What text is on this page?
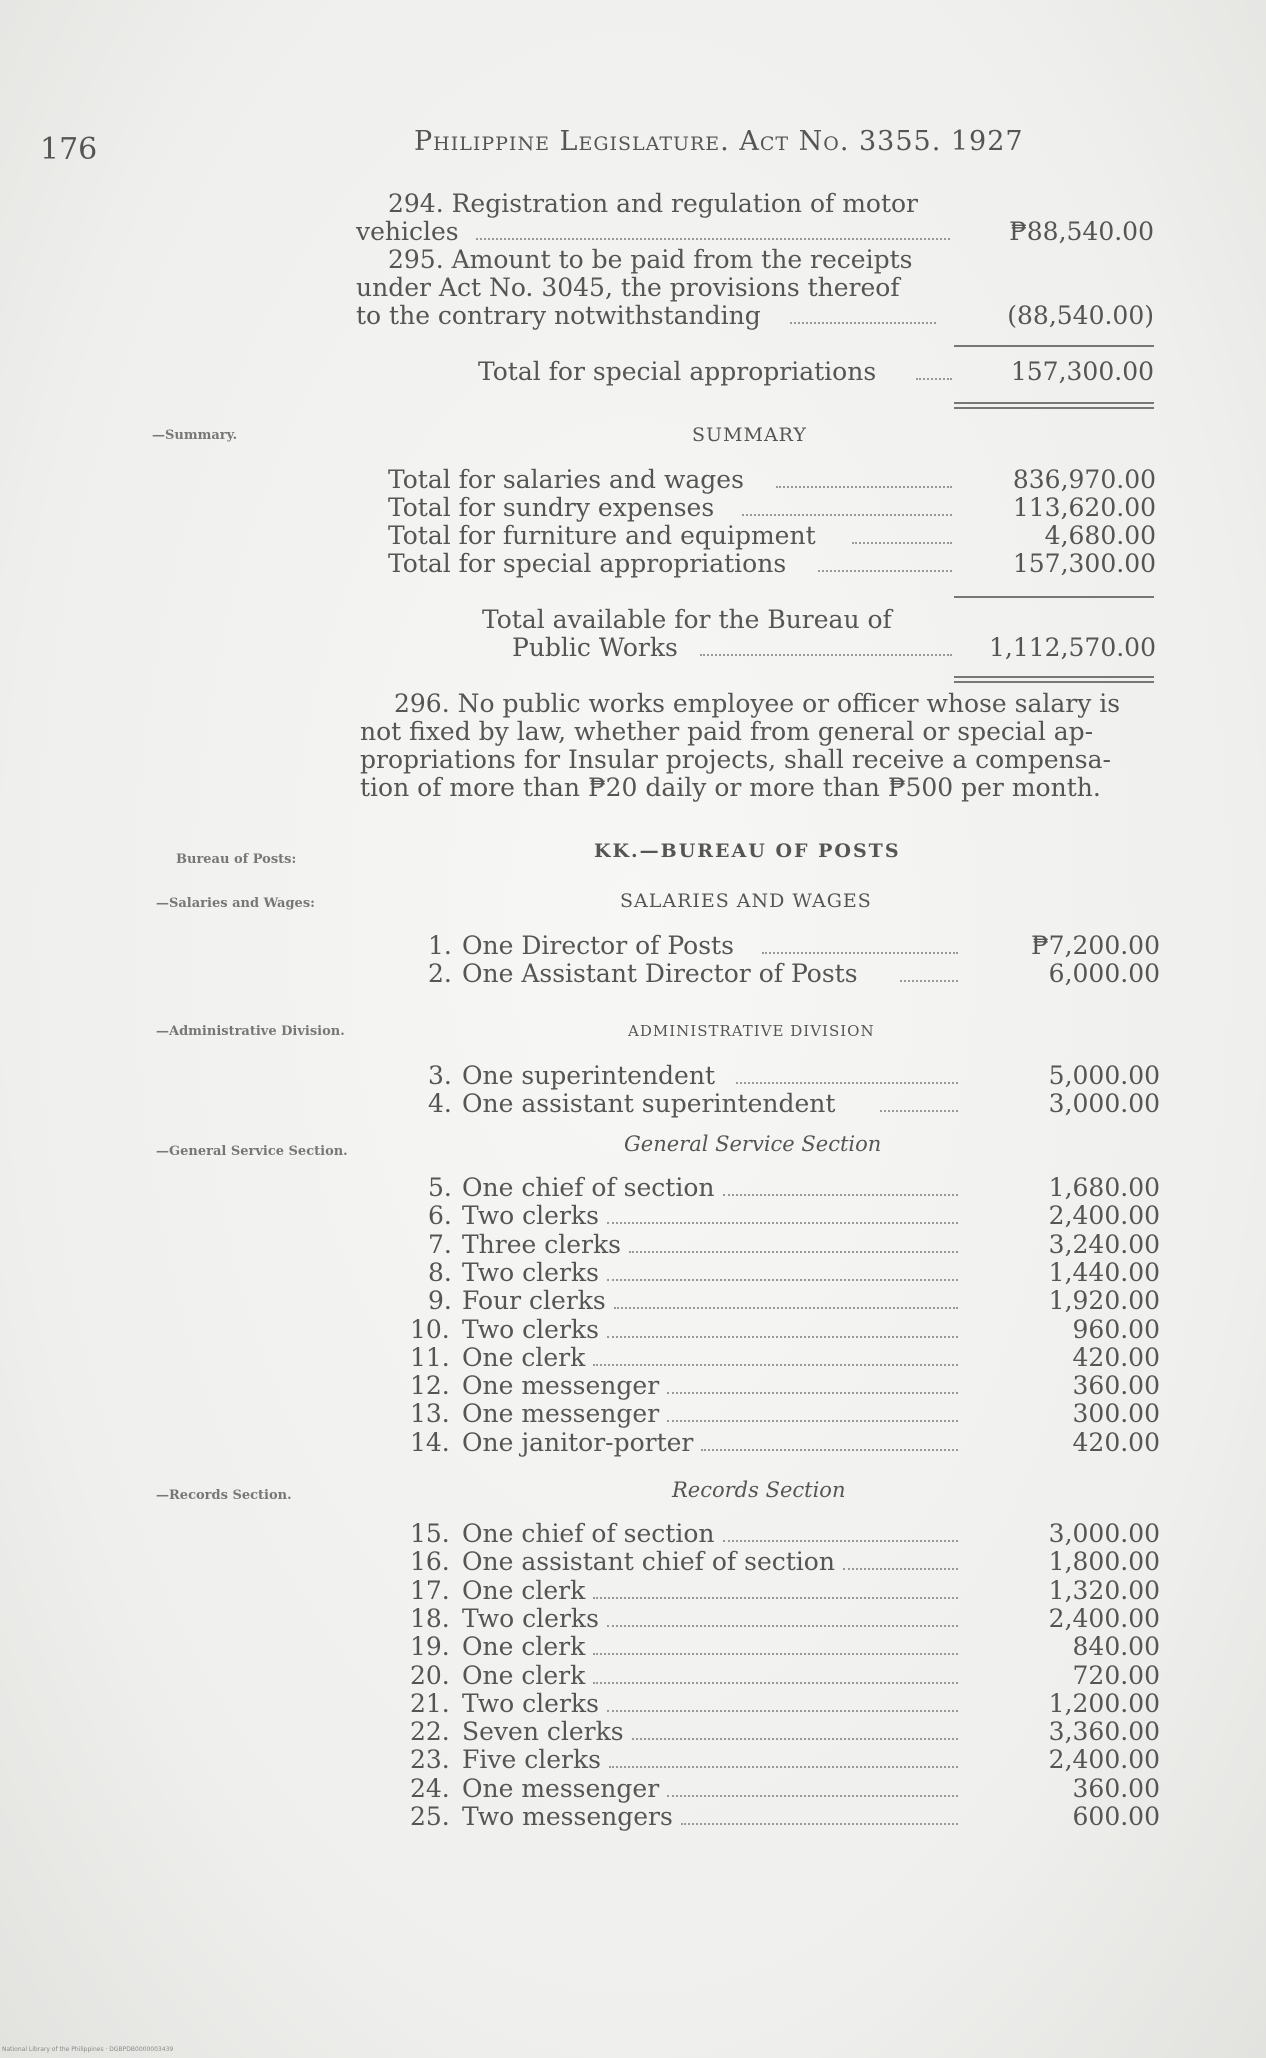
176	Philippine Legislature. Act No. 3355. 1927
294. Registration and regulation of motor
vehicles	₱88,540.00
295. Amount to be paid from the receipts
under Act No. 3045, the provisions thereof
to the contrary notwithstanding	(88,540.00)
Total for special appropriations	157,300.00
—Summary.	SUMMARY
Total for salaries and wages	836,970.00
Total for sundry expenses	113,620.00
Total for furniture and equipment	4,680.00
Total for special appropriations	157,300.00
Total available for the Bureau of
Public Works	1,112,570.00
296. No public works employee or officer whose salary is
not fixed by law, whether paid from general or special ap-
propriations for Insular projects, shall receive a compensa-
tion of more than ₱20 daily or more than ₱500 per month.
Bureau of Posts:	KK.—BUREAU OF POSTS
—Salaries and Wages:	SALARIES AND WAGES
1. One Director of Posts	₱7,200.00
2. One Assistant Director of Posts	6,000.00
—Administrative Division.	ADMINISTRATIVE DIVISION
3. One superintendent	5,000.00
4. One assistant superintendent	3,000.00
—General Service Section.	General Service Section
5. One chief of section	1,680.00
6. Two clerks	2,400.00
7. Three clerks	3,240.00
8. Two clerks	1,440.00
9. Four clerks	1,920.00
10. Two clerks	960.00
11. One clerk	420.00
12. One messenger	360.00
13. One messenger	300.00
14. One janitor-porter	420.00
—Records Section.	Records Section
15. One chief of section	3,000.00
16. One assistant chief of section	1,800.00
17. One clerk	1,320.00
18. Two clerks	2,400.00
19. One clerk	840.00
20. One clerk	720.00
21. Two clerks	1,200.00
22. Seven clerks	3,360.00
23. Five clerks	2,400.00
24. One messenger	360.00
25. Two messengers	600.00
National Library of the Philippines · DGBPDB0000003439
